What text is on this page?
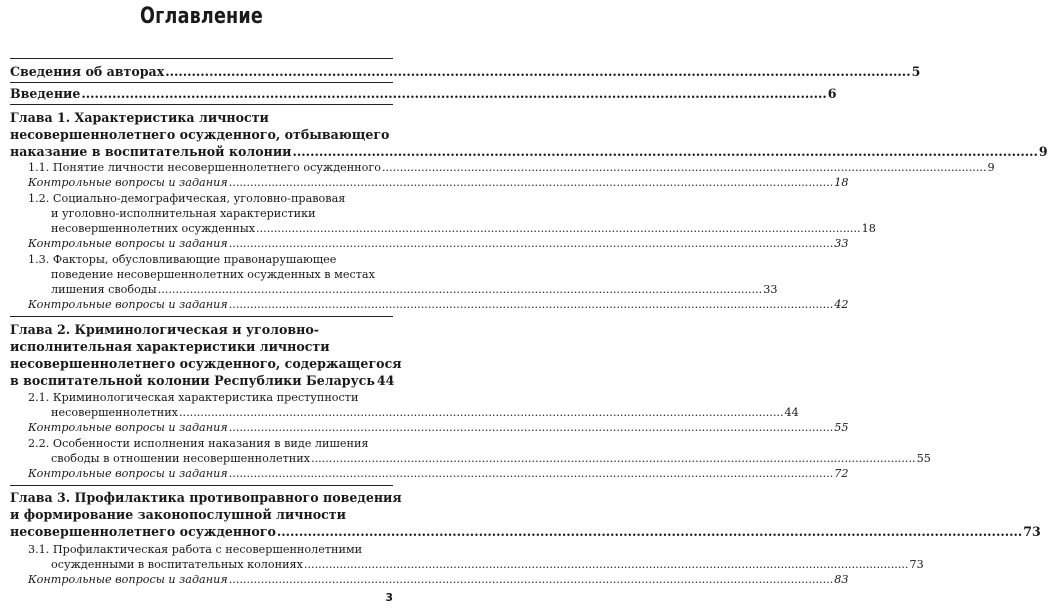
Оглавление
Сведения об авторах .......................................................................................................................................................................... 5
Введение .......................................................................................................................................................................... 6
Глава 1. Характеристика личности
несовершеннолетнего осужденного, отбывающего
наказание в воспитательной колонии .......................................................................................................................................................................... 9
1.1. Понятие личности несовершеннолетнего осужденного .......................................................................................................................................................................... 9
Контрольные вопросы и задания .......................................................................................................................................................................... 18
1.2. Социально-демографическая, уголовно-правовая
и уголовно-исполнительная характеристики
несовершеннолетних осужденных .......................................................................................................................................................................... 18
Контрольные вопросы и задания .......................................................................................................................................................................... 33
1.3. Факторы, обусловливающие правонарушающее
поведение несовершеннолетних осужденных в местах
лишения свободы .......................................................................................................................................................................... 33
Контрольные вопросы и задания .......................................................................................................................................................................... 42
Глава 2. Криминологическая и уголовно-
исполнительная характеристики личности
несовершеннолетнего осужденного, содержащегося
в воспитательной колонии Республики Беларусь 44
2.1. Криминологическая характеристика преступности
несовершеннолетних .......................................................................................................................................................................... 44
Контрольные вопросы и задания .......................................................................................................................................................................... 55
2.2. Особенности исполнения наказания в виде лишения
свободы в отношении несовершеннолетних .......................................................................................................................................................................... 55
Контрольные вопросы и задания .......................................................................................................................................................................... 72
Глава 3. Профилактика противоправного поведения
и формирование законопослушной личности
несовершеннолетнего осужденного .......................................................................................................................................................................... 73
3.1. Профилактическая работа с несовершеннолетними
осужденными в воспитательных колониях .......................................................................................................................................................................... 73
Контрольные вопросы и задания .......................................................................................................................................................................... 83
3
